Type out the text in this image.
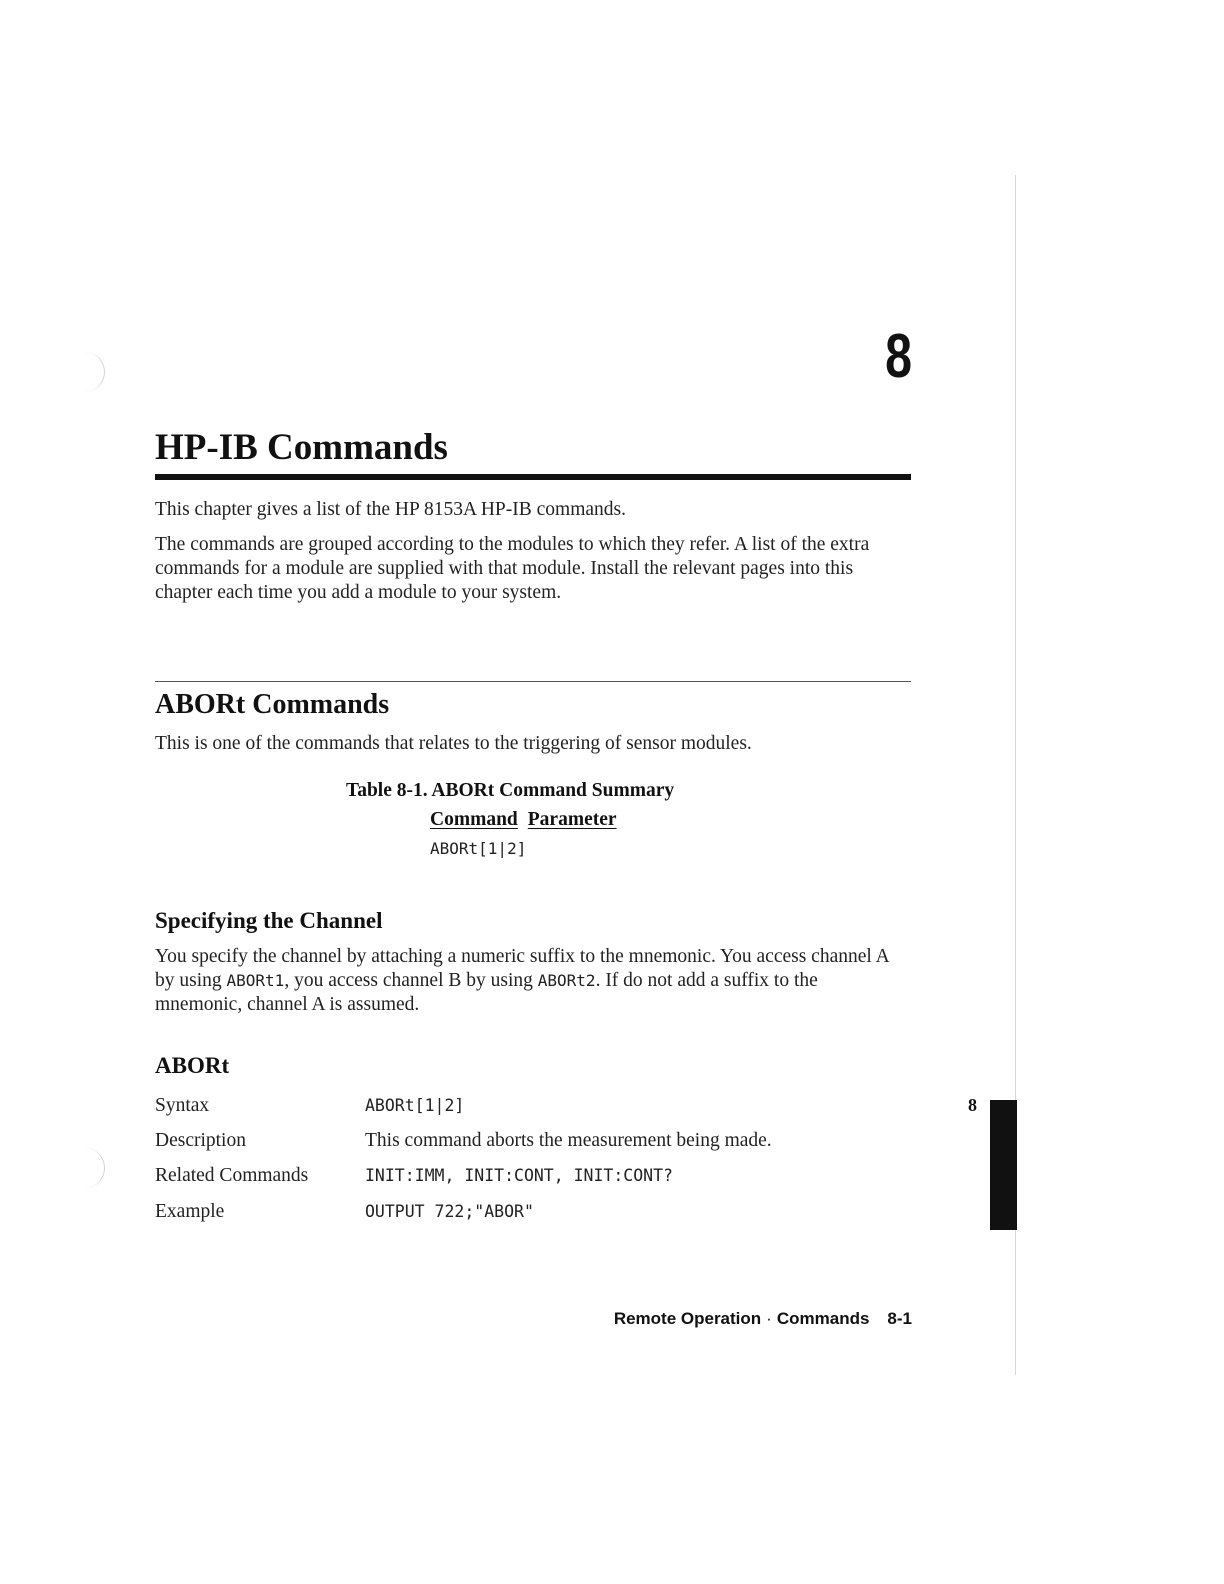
8
HP-IB Commands
This chapter gives a list of the HP 8153A HP-IB commands.
The commands are grouped according to the modules to which they refer. A list of the extra commands for a module are supplied with that module. Install the relevant pages into this chapter each time you add a module to your system.
ABORt Commands
This is one of the commands that relates to the triggering of sensor modules.
Table 8-1. ABORt Command Summary
Command Parameter
ABORt[1|2]
Specifying the Channel
You specify the channel by attaching a numeric suffix to the mnemonic. You access channel A by using ABORt1, you access channel B by using ABORt2. If do not add a suffix to the mnemonic, channel A is assumed.
ABORt
Syntax	ABORt[1|2]
Description	This command aborts the measurement being made.
Related Commands	INIT:IMM, INIT:CONT, INIT:CONT?
Example	OUTPUT 722;"ABOR"
8
Remote Operation · Commands 8-1
